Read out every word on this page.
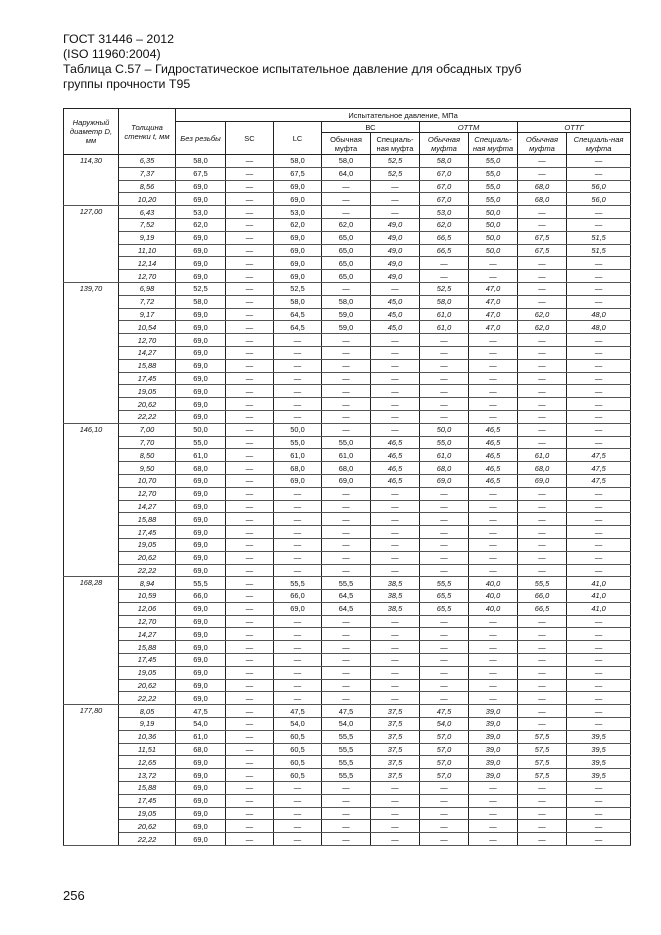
ГОСТ 31446 – 2012
(ISO 11960:2004)
Таблица С.57 – Гидростатическое испытательное давление для обсадных труб
группы прочности Т95
Наружный диаметр D, мм	Толщина стенки t, мм	Испытательное давление, МПа								
		Без резьбы	SC	LC	ВС		ОТТМ		ОТТГ	
					Обычная муфта	Специаль-ная муфта	Обычная муфта	Специаль-ная муфта	Обычная муфта	Специаль-ная муфта
114,30	6,35	58,0	—	58,0	58,0	52,5	58,0	55,0	—	—
	7,37	67,5	—	67,5	64,0	52,5	67,0	55,0	—	—
	8,56	69,0	—	69,0	—	—	67,0	55,0	68,0	56,0
	10,20	69,0	—	69,0	—	—	67,0	55,0	68,0	56,0
127,00	6,43	53,0	—	53,0	—	—	53,0	50,0	—	—
	7,52	62,0	—	62,0	62,0	49,0	62,0	50,0	—	—
	9,19	69,0	—	69,0	65,0	49,0	66,5	50,0	67,5	51,5
	11,10	69,0	—	69,0	65,0	49,0	66,5	50,0	67,5	51,5
	12,14	69,0	—	69,0	65,0	49,0	—	—	—	—
	12,70	69,0	—	69,0	65,0	49,0	—	—	—	—
139,70	6,98	52,5	—	52,5	—	—	52,5	47,0	—	—
	7,72	58,0	—	58,0	58,0	45,0	58,0	47,0	—	—
	9,17	69,0	—	64,5	59,0	45,0	61,0	47,0	62,0	48,0
	10,54	69,0	—	64,5	59,0	45,0	61,0	47,0	62,0	48,0
	12,70	69,0	—	—	—	—	—	—	—	—
	14,27	69,0	—	—	—	—	—	—	—	—
	15,88	69,0	—	—	—	—	—	—	—	—
	17,45	69,0	—	—	—	—	—	—	—	—
	19,05	69,0	—	—	—	—	—	—	—	—
	20,62	69,0	—	—	—	—	—	—	—	—
	22,22	69,0	—	—	—	—	—	—	—	—
146,10	7,00	50,0	—	50,0	—	—	50,0	46,5	—	—
	7,70	55,0	—	55,0	55,0	46,5	55,0	46,5	—	—
	8,50	61,0	—	61,0	61,0	46,5	61,0	46,5	61,0	47,5
	9,50	68,0	—	68,0	68,0	46,5	68,0	46,5	68,0	47,5
	10,70	69,0	—	69,0	69,0	46,5	69,0	46,5	69,0	47,5
	12,70	69,0	—	—	—	—	—	—	—	—
	14,27	69,0	—	—	—	—	—	—	—	—
	15,88	69,0	—	—	—	—	—	—	—	—
	17,45	69,0	—	—	—	—	—	—	—	—
	19,05	69,0	—	—	—	—	—	—	—	—
	20,62	69,0	—	—	—	—	—	—	—	—
	22,22	69,0	—	—	—	—	—	—	—	—
168,28	8,94	55,5	—	55,5	55,5	38,5	55,5	40,0	55,5	41,0
	10,59	66,0	—	66,0	64,5	38,5	65,5	40,0	66,0	41,0
	12,06	69,0	—	69,0	64,5	38,5	65,5	40,0	66,5	41,0
	12,70	69,0	—	—	—	—	—	—	—	—
	14,27	69,0	—	—	—	—	—	—	—	—
	15,88	69,0	—	—	—	—	—	—	—	—
	17,45	69,0	—	—	—	—	—	—	—	—
	19,05	69,0	—	—	—	—	—	—	—	—
	20,62	69,0	—	—	—	—	—	—	—	—
	22,22	69,0	—	—	—	—	—	—	—	—
177,80	8,05	47,5	—	47,5	47,5	37,5	47,5	39,0	—	—
	9,19	54,0	—	54,0	54,0	37,5	54,0	39,0	—	—
	10,36	61,0	—	60,5	55,5	37,5	57,0	39,0	57,5	39,5
	11,51	68,0	—	60,5	55,5	37,5	57,0	39,0	57,5	39,5
	12,65	69,0	—	60,5	55,5	37,5	57,0	39,0	57,5	39,5
	13,72	69,0	—	60,5	55,5	37,5	57,0	39,0	57,5	39,5
	15,88	69,0	—	—	—	—	—	—	—	—
	17,45	69,0	—	—	—	—	—	—	—	—
	19,05	69,0	—	—	—	—	—	—	—	—
	20,62	69,0	—	—	—	—	—	—	—	—
	22,22	69,0	—	—	—	—	—	—	—	—
256
